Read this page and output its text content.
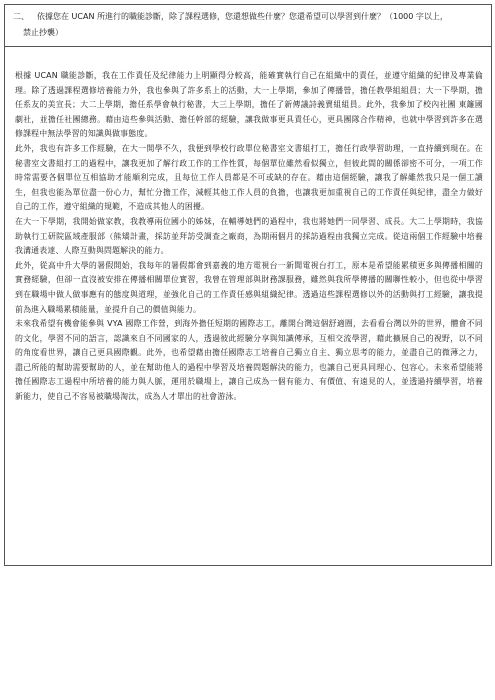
二、 依據您在 UCAN 所進行的職能診斷，除了課程選修，您還想做些什麼？您還希望可以學習到什麼？（1000 字以上，
禁止抄襲）

根據 UCAN 職能診斷，我在工作責任及紀律能力上明顯得分較高，能確實執行自己在組織中的責任，並遵守組織的紀律及專業倫理。除了透過課程選修培養能力外，我也參與了許多系上的活動，大一上學期，參加了傳播營，擔任教學組組員；大一下學期，擔任系友的美宣長；大二上學期，擔任系學會執行秘書，大三上學期，擔任了新傳議詩義賣組組員。此外，我參加了校內社團 東籬國劇社，並擔任社團總務。藉由這些參與活動、擔任幹部的經驗，讓我做事更具責任心，更具團隊合作精神，也就中學習到許多在選修課程中無法學習的知識與做事態度。

此外，我也有許多工作經驗，在大一開學不久，我便到學校行政單位秘書室文書組打工，擔任行政學習助理，一直持續到現在。在秘書室文書組打工的過程中，讓我更加了解行政工作的工作性質，每個單位雖然看似獨立，但彼此間的關係卻密不可分，一項工作時常需要各個單位互相協助才能順利完成，且每位工作人員都是不可或缺的存在。藉由這個經驗，讓我了解雖然我只是一個工讀生，但我也能為單位盡一份心力，幫忙分擔工作，減輕其他工作人員的負擔，也讓我更加重視自己的工作責任與紀律，盡全力做好自己的工作，遵守組織的規範，不造成其他人的困擾。

在大一下學期，我開始做家教，我教導兩位國小的姊妹，在輔導她們的過程中，我也將她們一同學習、成長。大二上學期時，我協助執行工研院區域產服部（熊矯計畫，採訪並拜訪受調查之廠商，為期兩個月的採訪過程由我獨立完成。從這兩個工作經驗中培養我溝通表達、人際互動與問題解決的能力。

此外，從高中升大學的暑假開始，我每年的暑假都會到嘉義的地方電視台一新聞電視台打工，原本是希望能累積更多與傳播相關的實務經驗，但卻一直沒被安排在傳播相關單位實習，我曾在管理部與財務課服務，雖然與我所學傳播的關聯性較小，但也從中學習到在職場中做人做事應有的態度與道理，並強化自己的工作責任感與組織紀律。透過這些課程選修以外的活動與打工經驗，讓我提前為進入職場累積能量，並提升自己的價值與能力。

未來我希望有機會能參與 VYA 國際工作營，到海外擔任短期的國際志工，離開台灣這個舒適圈，去看看台灣以外的世界，體會不同的文化，學習不同的語言，認識來自不同國家的人，透過彼此經驗分享與知識傳承，互相交流學習，藉此擴展自己的視野，以不同的角度看世界，讓自己更具國際觀。此外，也希望藉由擔任國際志工培養自己獨立自主、獨立思考的能力，並盡自己的微薄之力，盡己所能的幫助需要幫助的人，並在幫助他人的過程中學習及培養問題解決的能力，也讓自己更具同理心、包容心。未來希望能將擔任國際志工過程中所培養的能力與人脈，運用於職場上，讓自己成為一個有能力、有價值、有遠見的人，並透過持續學習，培養新能力，使自己不容易被職場淘汰，成為人才單出的社會游泳。
